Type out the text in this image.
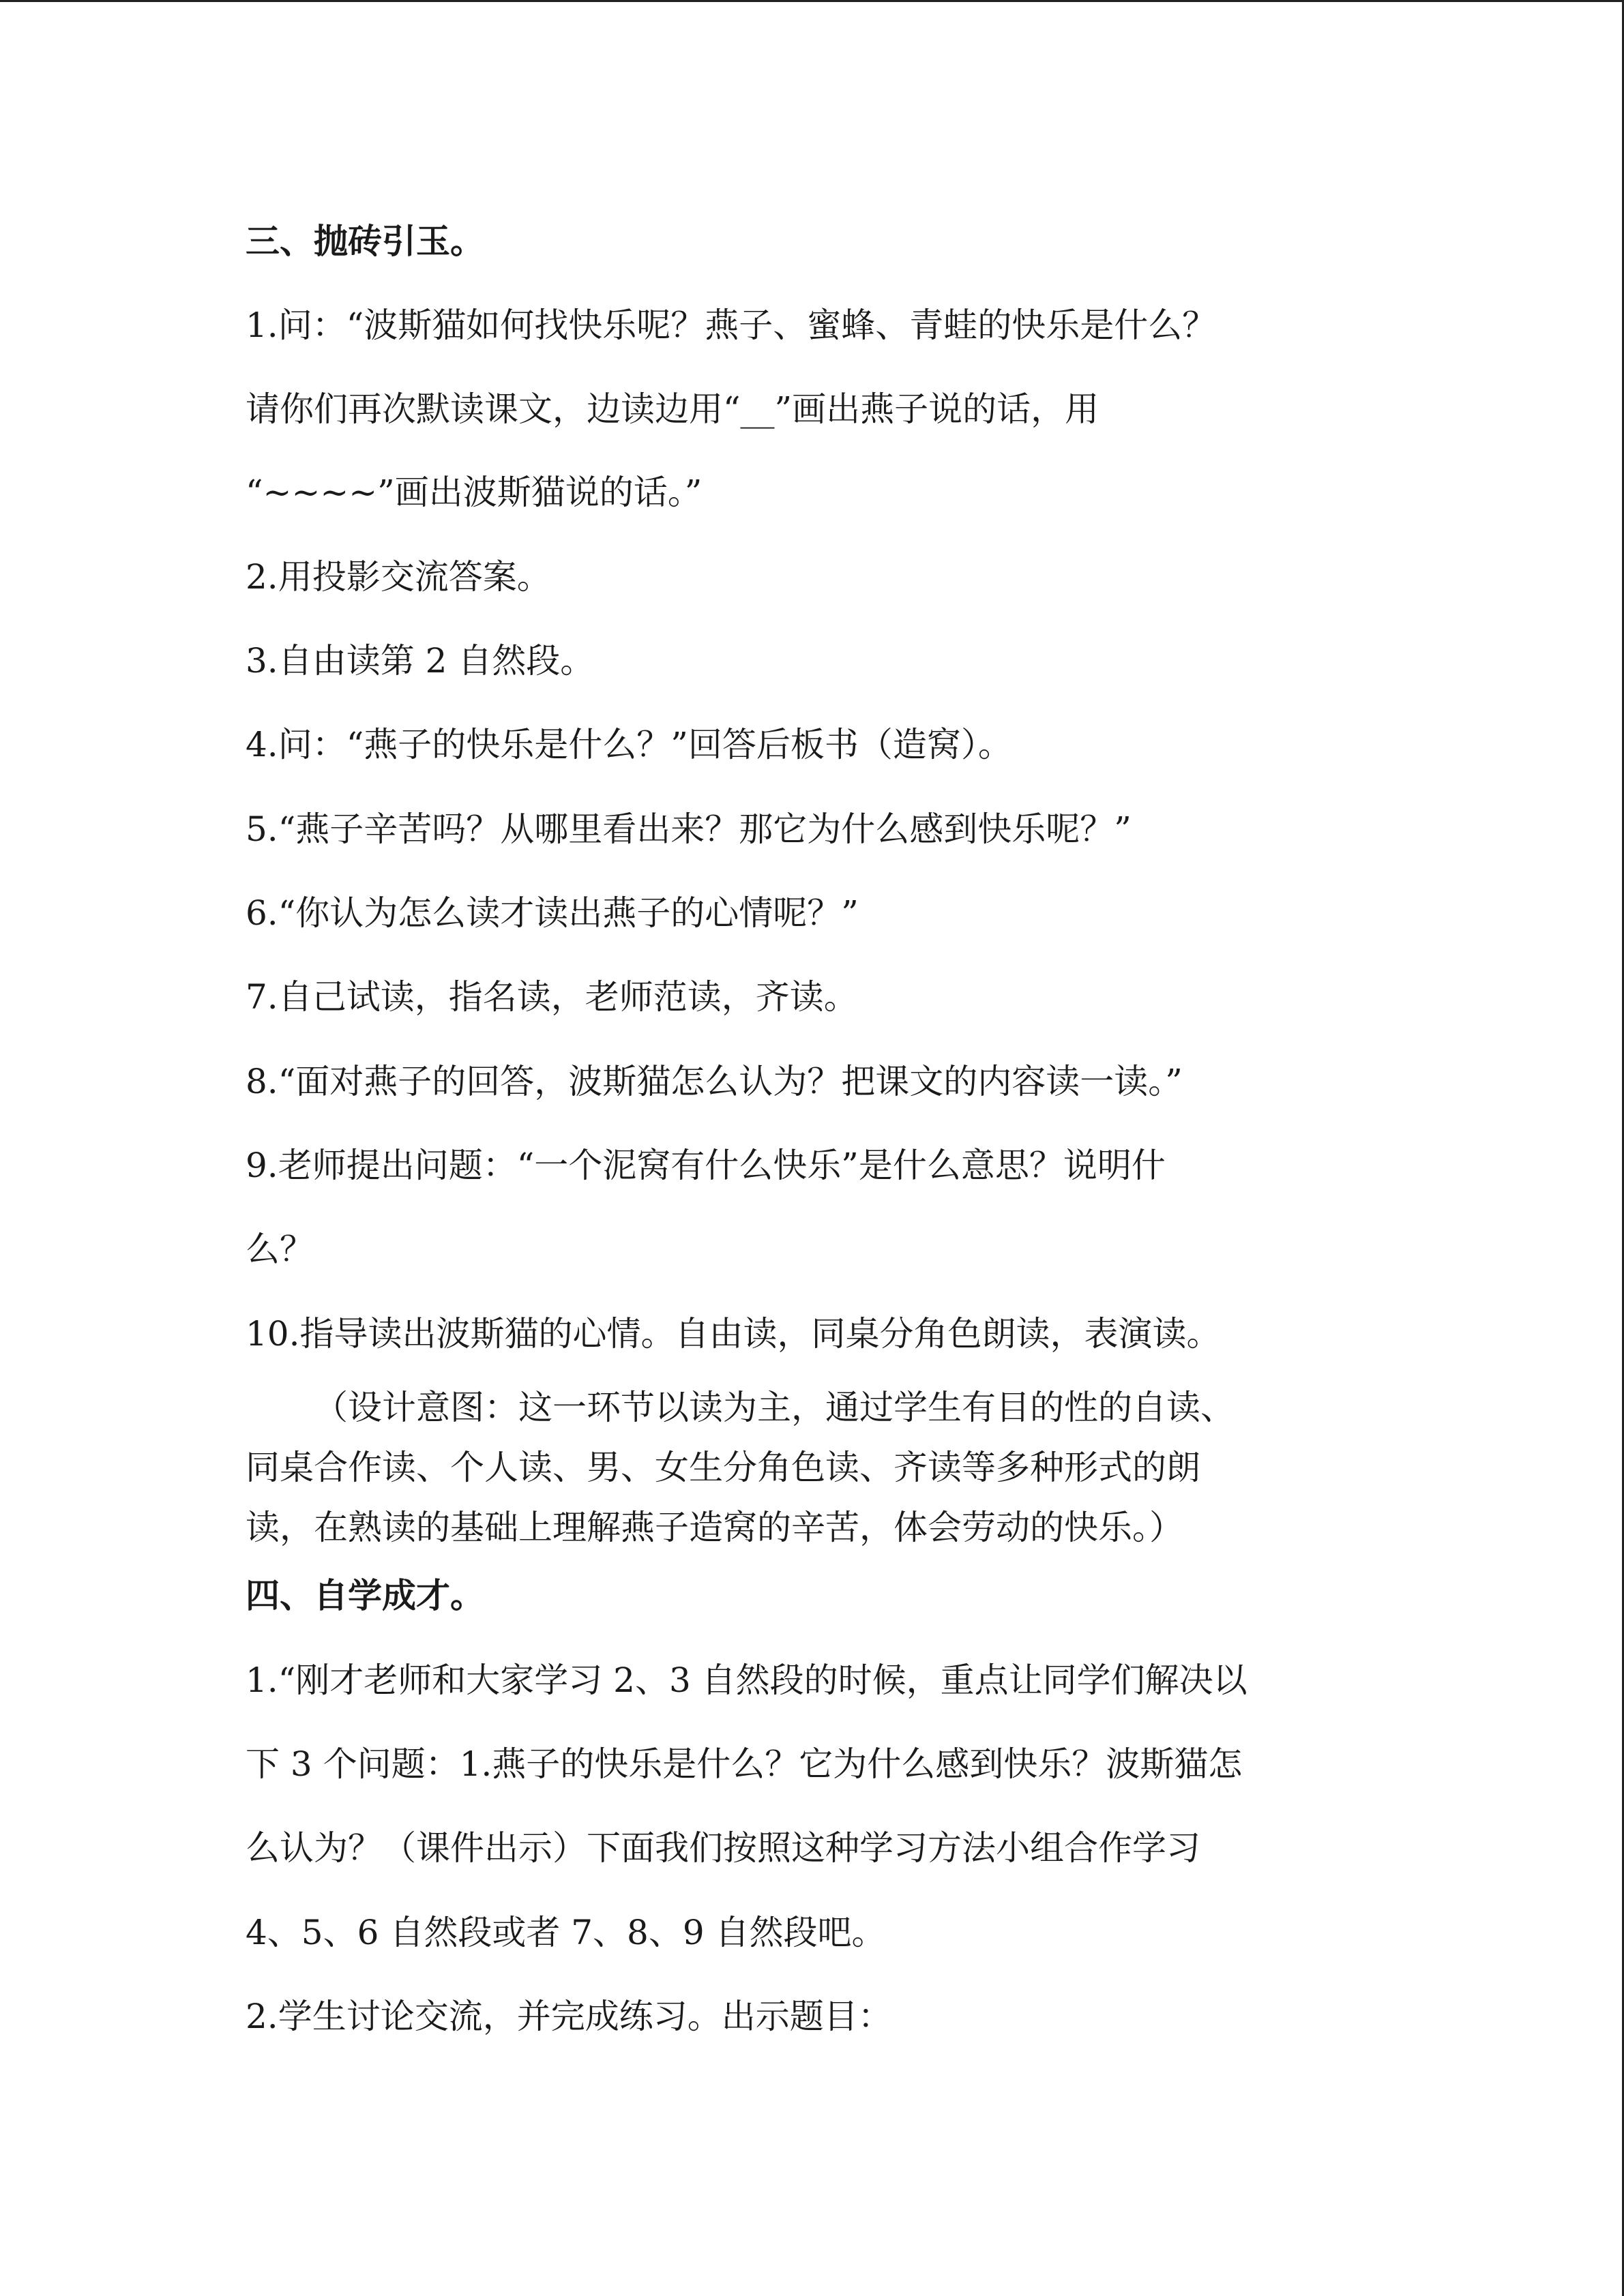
三、抛砖引玉。
1.问：“波斯猫如何找快乐呢？燕子、蜜蜂、青蛙的快乐是什么？
请你们再次默读课文，边读边用“__”画出燕子说的话，用
“~~~~”画出波斯猫说的话。”
2.用投影交流答案。
3.自由读第 2 自然段。
4.问：“燕子的快乐是什么？”回答后板书（造窝）。
5.“燕子辛苦吗？从哪里看出来？那它为什么感到快乐呢？”
6.“你认为怎么读才读出燕子的心情呢？”
7.自己试读，指名读，老师范读，齐读。
8.“面对燕子的回答，波斯猫怎么认为？把课文的内容读一读。”
9.老师提出问题：“一个泥窝有什么快乐”是什么意思？说明什
么？
10.指导读出波斯猫的心情。自由读，同桌分角色朗读，表演读。
（设计意图：这一环节以读为主，通过学生有目的性的自读、
同桌合作读、个人读、男、女生分角色读、齐读等多种形式的朗
读，在熟读的基础上理解燕子造窝的辛苦，体会劳动的快乐。）
四、自学成才。
1.“刚才老师和大家学习 2、3 自然段的时候，重点让同学们解决以
下 3 个问题：1.燕子的快乐是什么？它为什么感到快乐？波斯猫怎
么认为？（课件出示）下面我们按照这种学习方法小组合作学习
4、5、6 自然段或者 7、8、9 自然段吧。
2.学生讨论交流，并完成练习。出示题目：
